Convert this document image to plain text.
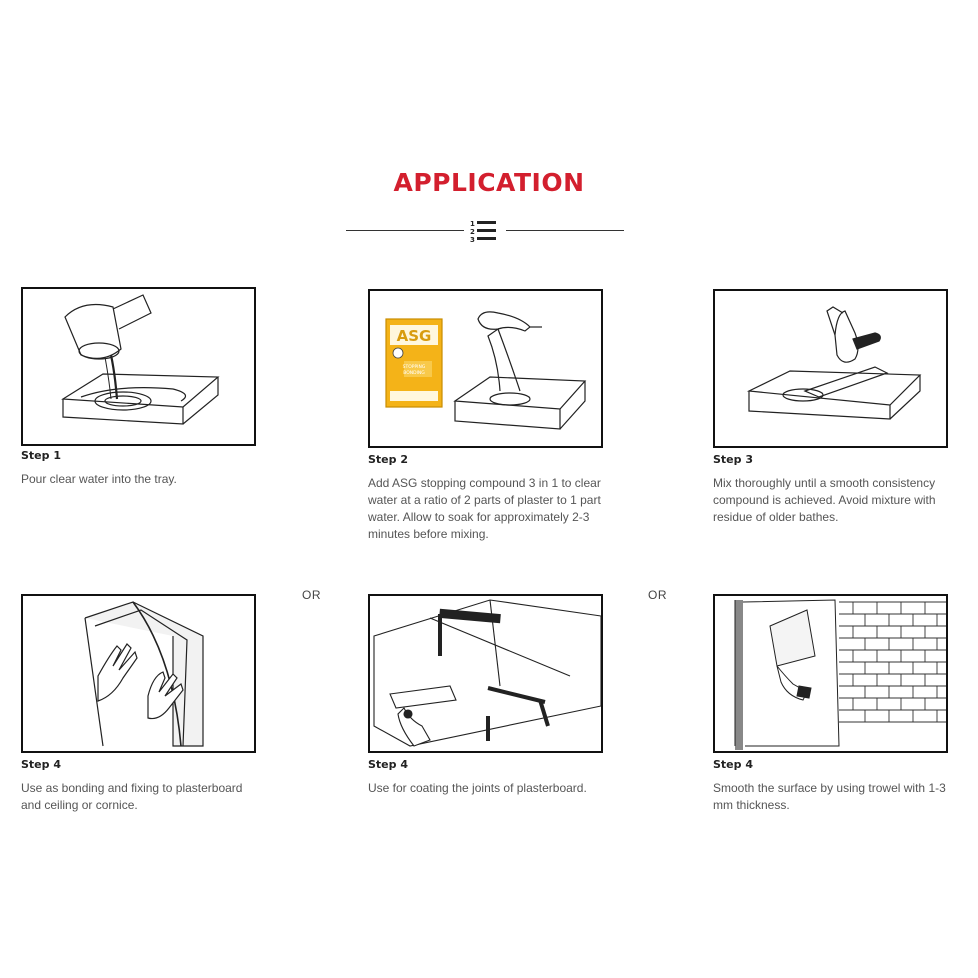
APPLICATION
1
2
3
Step 1

Pour clear water into the tray.

ASG
STOPPING
BONDING
Step 2

Add ASG stopping compound 3 in 1 to clear water at a ratio of 2 parts of plaster to 1 part water. Allow to soak for approximately 2-3 minutes before mixing.

Step 3

Mix thoroughly until a smooth consistency compound is achieved. Avoid mixture with residue of older bathes.

OR	OR
Step 4

Use as bonding and fixing to plasterboard and ceiling or cornice.

Step 4

Use for coating the joints of plasterboard.

Step 4

Smooth the surface by using trowel with 1-3 mm thickness.
